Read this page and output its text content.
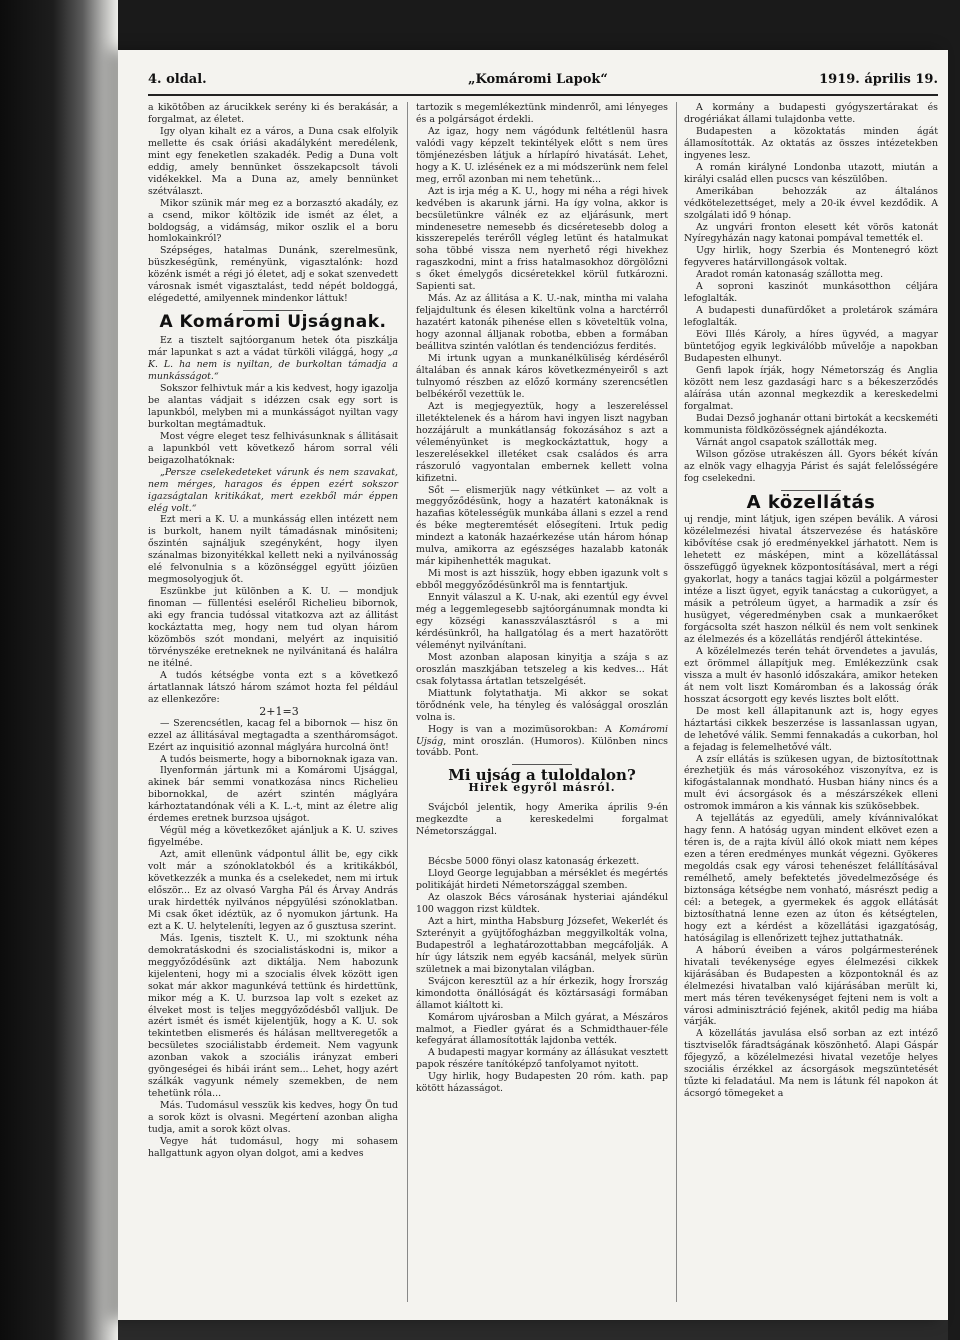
4. oldal.	„Komáromi Lapok“	1919. április 19.

a kikötőben az árucikkek serény ki és berakásár, a forgalmat, az életet.

Igy olyan kihalt ez a város, a Duna csak elfolyik mellette és csak óriási akadályként meredélenk, mint egy feneketlen szakadék. Pedig a Duna volt eddig, amely bennünket összekapcsolt távoli vidékekkel. Ma a Duna az, amely bennünket szétválaszt.

Mikor szünik már meg ez a borzasztó akadály, ez a csend, mikor költözik ide ismét az élet, a boldogság, a vidámság, mikor oszlik el a boru homlokainkról?

Szépséges, hatalmas Dunánk, szerelmesünk, büszkeségünk, reményünk, vigasztalónk: hozd közénk ismét a régi jó életet, adj e sokat szenvedett városnak ismét vigasztalást, tedd népét boldoggá, elégedetté, amilyennek mindenkor láttuk!

A Komáromi Ujságnak.

Ez a tisztelt sajtóorganum hetek óta piszkálja már lapunkat s azt a vádat türköli világgá, hogy „a K. L. ha nem is nyiltan, de burkoltan támadja a munkásságot.“

Sokszor felhivtuk már a kis kedvest, hogy igazolja be alantas vádjait s idézzen csak egy sort is lapunkból, melyben mi a munkásságot nyiltan vagy burkoltan megtámadtuk.

Most végre eleget tesz felhivásunknak s állitásait a lapunkból vett következő három sorral véli beigazolhatóknak:

„Persze cselekedeteket várunk és nem szavakat, nem mérges, haragos és éppen ezért sokszor igazságtalan kritikákat, mert ezekből már éppen elég volt.“

Ezt meri a K. U. a munkásság ellen intézett nem is burkolt, hanem nyilt támadásnak minősiteni; őszintén sajnáljuk szegényként, hogy ilyen szánalmas bizonyitékkal kellett neki a nyilvánosság elé felvonulnia s a közönséggel együtt jóizüen megmosolyogjuk őt.

Eszünkbe jut különben a K. U. — mondjuk finoman — füllentési eseléről Richelieu bibornok, aki egy francia tudóssal vitatkozva azt az állitást kockáztatta meg, hogy nem tud olyan három közömbös szót mondani, melyért az inquisitió törvényszéke eretneknek ne nyilvánitaná és halálra ne itélné.

A tudós kétségbe vonta ezt s a következő ártatlannak látszó három számot hozta fel például az ellenkezőre:

2+1=3

— Szerencsétlen, kacag fel a bibornok — hisz ön ezzel az állitásával megtagadta a szentháromságot. Ezért az inquisitió azonnal máglyára hurcolná önt!

A tudós beismerte, hogy a bibornoknak igaza van.

Ilyenformán jártunk mi a Komáromi Ujsággal, akinek bár semmi vonatkozása nincs Richelieu bibornokkal, de azért szintén máglyára kárhoztatandónak véli a K. L.-t, mint az életre alig érdemes eretnek burzsoa ujságot.

Végül még a következőket ajánljuk a K. U. szives figyelmébe.

Azt, amit ellenünk vádpontul állit be, egy cikk volt már a szónoklatokból és a kritikákból, következzék a munka és a cselekedet, nem mi irtuk először... Ez az olvasó Vargha Pál és Árvay András urak hirdették nyilvános népgyülési szónoklatban. Mi csak őket idéztük, az ő nyomukon jártunk. Ha ezt a K. U. helyteleníti, legyen az ő gusztusa szerint.

Más. Igenis, tisztelt K. U., mi szoktunk néha demokratáskodni és szocialistáskodni is, mikor a meggyőződésünk azt diktálja. Nem habozunk kijelenteni, hogy mi a szocialis élvek között igen sokat már akkor magunkévá tettünk és hirdettünk, mikor még a K. U. burzsoa lap volt s ezeket az élveket most is teljes meggyőződésből valljuk. De azért ismét és ismét kijelentjük, hogy a K. U. sok tekintetben elismerés és hálásan melltveregetők a becsületes szociálistabb érdemeit. Nem vagyunk azonban vakok a szociális irányzat emberi gyöngeségei és hibái iránt sem... Lehet, hogy azért szálkák vagyunk némely szemekben, de nem tehetünk róla...

Más. Tudomásul vesszük kis kedves, hogy Ön tud a sorok közt is olvasni. Megértení azonban aligha tudja, amit a sorok közt olvas.

Vegye hát tudomásul, hogy mi sohasem hallgattunk agyon olyan dolgot, ami a kedves

tartozik s megemlékeztünk mindenről, ami lényeges és a polgárságot érdekli.

Az igaz, hogy nem vágódunk feltétlenül hasra valódi vagy képzelt tekintélyek előtt s nem üres tömjénezésben látjuk a hírlapíró hivatását. Lehet, hogy a K. U. izlésének ez a mi módszerünk nem felel meg, erről azonban mi nem tehetünk...

Azt is irja még a K. U., hogy mi néha a régi hivek kedvében is akarunk járni. Ha így volna, akkor is becsületünkre válnék ez az eljárásunk, mert mindenesetre nemesebb és dicséretesebb dolog a kisszerepelés terérőll végleg letünt és hatalmukat soha többé vissza nem nyerhető régi hivekhez ragaszkodni, mint a friss hatalmasokhoz dörgölőzni s őket émelygős dicséretekkel körül futkározni. Sapienti sat.

Más. Az az állitása a K. U.-nak, mintha mi valaha feljajdultunk és élesen kikeltünk volna a harctérről hazatért katonák pihenése ellen s követeltük volna, hogy azonnal álljanak robotba, ebben a formában beállitva szintén valótlan és tendenciózus ferdités.

Mi irtunk ugyan a munkanélküliség kérdéséről általában és annak káros következményeiről s azt tulnyomó részben az előző kormány szerencsétlen belbékéről vezettük le.

Azt is megjegyeztük, hogy a leszereléssel illetéktelenek és a három havi ingyen liszt nagyban hozzájárult a munkátlanság fokozásához s azt a véleményünket is megkockáztattuk, hogy a leszerelésekkel illetéket csak családos és arra rászoruló vagyontalan embernek kellett volna kifizetni.

Sőt — elismerjük nagy vétkünket — az volt a meggyőződésünk, hogy a hazatért katonáknak is hazafias kötelességük munkába állani s ezzel a rend és béke megteremtését elősegíteni. Irtuk pedig mindezt a katonák hazaérkezése után három hónap mulva, amikorra az egészséges hazalabb katonák már kipihenhették magukat.

Mi most is azt hisszük, hogy ebben igazunk volt s ebből meggyőződésünkről ma is fenntartjuk.

Ennyit válaszul a K. U-nak, aki ezentúl egy évvel még a leggemlegesebb sajtóorgánumnak mondta ki egy községi kanasszválasztásról s a mi kérdésünkről, ha hallgatólag és a mert hazatörött véleményt nyilvánítani.

Most azonban alaposan kinyitja a szája s az oroszlán maszkjában tetszeleg a kis kedves... Hát csak folytassa ártatlan tetszelgését.

Miattunk folytathatja. Mi akkor se sokat törődnénk vele, ha tényleg és valósággal oroszlán volna is.

Hogy is van a mozimüsorokban: A Komáromi Ujság, mint oroszlán. (Humoros). Különben nincs tovább. Pont.

Mi ujság a tuloldalon?
Hirek egyről másról.

Svájcból jelentik, hogy Amerika április 9-én megkezdte a kereskedelmi forgalmat Németországgal.

Bécsbe 5000 fönyi olasz katonaság érkezett.

Lloyd George legujabban a mérséklet és megértés politikáját hirdeti Németországgal szemben.

Az olaszok Bécs városának hysteriai ajándékul 100 waggon rizst küldtek.

Azt a hirt, mintha Habsburg Józsefet, Wekerlét és Szterényit a gyüjtőfogházban meggyilkolták volna, Budapestről a leghatározottabban megcáfolják. A hír úgy látszik nem egyéb kacsánál, melyek sürün születnek a mai bizonytalan világban.

Svájcon keresztül az a hír érkezik, hogy Írország kimondotta önállóságát és köztársasági formában államot kiáltott ki.

Komárom ujvárosban a Milch gyárat, a Mészáros malmot, a Fiedler gyárat és a Schmidthauer-féle kefegyárat államosították lajdonba vették.

A budapesti magyar kormány az állásukat vesztett papok részére tanítóképző tanfolyamot nyitott.

Ugy hirlik, hogy Budapesten 20 róm. kath. pap kötött házasságot.

A kormány a budapesti gyógyszertárakat és drogériákat állami tulajdonba vette.

Budapesten a közoktatás minden ágát államosították. Az oktatás az összes intézetekben ingyenes lesz.

A román királyné Londonba utazott, miután a királyi család ellen pucscs van készülőben.

Amerikában behozzák az általános védkötelezettséget, mely a 20-ik évvel kezdődik. A szolgálati idő 9 hónap.

Az ungvári fronton elesett két vörös katonát Nyíregyházán nagy katonai pompával temették el.

Ugy hirlik, hogy Szerbia és Montenegró közt fegyveres határvillongások voltak.

Aradot román katonaság szállotta meg.

A soproni kaszinót munkásotthon céljára lefoglalták.

A budapesti dunafürdőket a proletárok számára lefoglalták.

Eövi Illés Károly, a híres ügyvéd, a magyar büntetőjog egyik legkiválóbb művelője a napokban Budapesten elhunyt.

Genfi lapok írják, hogy Németország és Anglia között nem lesz gazdasági harc s a békeszerződés aláírása után azonnal megkezdik a kereskedelmi forgalmat.

Budai Dezső joghanár ottani birtokát a kecskeméti kommunista földközösségnek ajándékozta.

Várnát angol csapatok szállották meg.

Wilson gőzöse utrakészen áll. Gyors békét kíván az elnök vagy elhagyja Párist és saját felelősségére fog cselekedni.

A közellátás

uj rendje, mint látjuk, igen szépen beválik. A városi közélelmezési hivatal átszervezése és hatásköre kibővítése csak jó eredményekkel járhatott. Nem is lehetett ez másképen, mint a közellátással összefüggő ügyeknek központosításával, mert a régi gyakorlat, hogy a tanács tagjai közül a polgármester intéze a liszt ügyet, egyik tanácstag a cukorügyet, a másik a petróleum ügyet, a harmadik a zsír és husügyet, végeredményben csak a munkaerőket forgácsolta szét haszon nélkül és nem volt senkinek az élelmezés és a közellátás rendjéről áttekintése.

A közélelmezés terén tehát örvendetes a javulás, ezt örömmel állapítjuk meg. Emlékezzünk csak vissza a mult év hasonló időszakára, amikor heteken át nem volt liszt Komáromban és a lakosság órák hosszat ácsorgott egy kevés lisztes bolt előtt.

De most kell állapitanunk azt is, hogy egyes háztartási cikkek beszerzése is lassanlassan ugyan, de lehetővé válik. Semmi fennakadás a cukorban, hol a fejadag is felemelhetővé vált.

A zsír ellátás is szükesen ugyan, de biztosítottnak érezhetjük és más városokéhoz viszonyítva, ez is kifogástalannak mondható. Husban hiány nincs és a mult évi ácsorgások és a mészárszékek elleni ostromok immáron a kis vánnak kis szükösebbek.

A tejellátás az egyedüli, amely kívánnivalókat hagy fenn. A hatóság ugyan mindent elkövet ezen a téren is, de a rajta kívül álló okok miatt nem képes ezen a téren eredményes munkát végezni. Gyökeres megoldás csak egy városi tehenészet felállításával remélhető, amely befektetés jövedelmezősége és biztonsága kétségbe nem vonható, másrészt pedig a cél: a betegek, a gyermekek és aggok ellátását biztosíthatná lenne ezen az úton és kétségtelen, hogy ezt a kérdést a közellátási igazgatóság, hatóságilag is ellenőrizett tejhez juttathatnák.

A háború éveiben a város polgármesterének hivatali tevékenysége egyes élelmezési cikkek kijárásában és Budapesten a központoknál és az élelmezési hivatalban való kijárásában merült ki, mert más téren tevékenységet fejteni nem is volt a városi adminisztráció fejének, akitől pedig ma hiába várják.

A közellátás javulása első sorban az ezt intéző tisztviselők fáradtságának köszönhető. Alapi Gáspár főjegyző, a közélelmezési hivatal vezetője helyes szociális érzékkel az ácsorgások megszüntetését tűzte ki feladatául. Ma nem is látunk fél napokon át ácsorgó tömegeket a
